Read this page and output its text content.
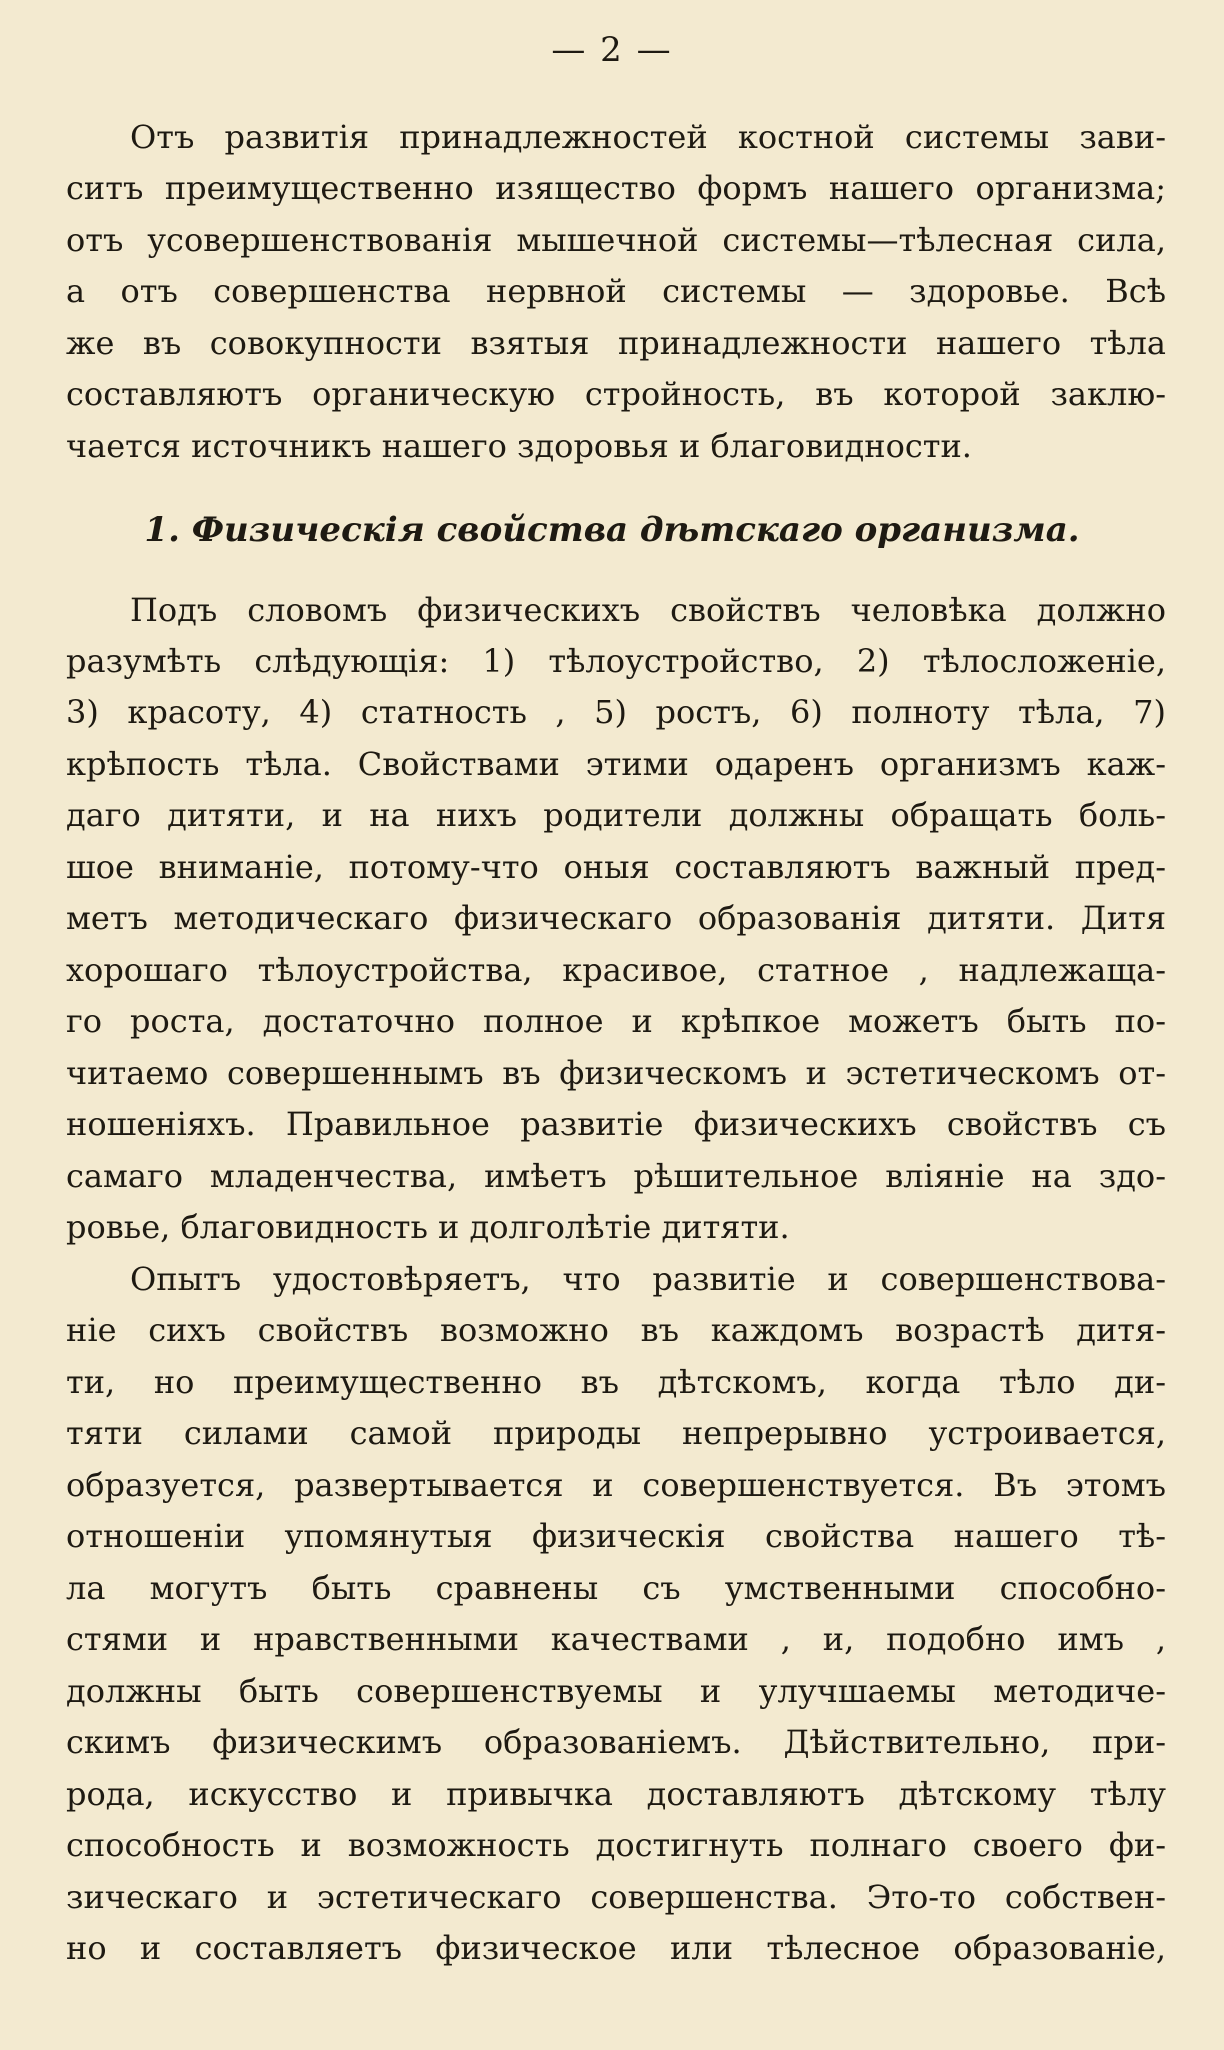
— 2 —
Отъ развитія принадлежностей костной системы зави-
ситъ преимущественно изящество формъ нашего организма;
отъ усовершенствованія мышечной системы—тѣлесная сила,
а отъ совершенства нервной системы — здоровье. Всѣ
же въ совокупности взятыя принадлежности нашего тѣла
составляютъ органическую стройность, въ которой заклю-
чается источникъ нашего здоровья и благовидности.
1. Физическія свойства дѣтскаго организма.
Подъ словомъ физическихъ свойствъ человѣка должно
разумѣть слѣдующія: 1) тѣлоустройство, 2) тѣлосложеніе,
3) красоту, 4) статность , 5) ростъ, 6) полноту тѣла, 7)
крѣпость тѣла. Свойствами этими одаренъ организмъ каж-
даго дитяти, и на нихъ родители должны обращать боль-
шое вниманіе, потому-что оныя составляютъ важный пред-
метъ методическаго физическаго образованія дитяти. Дитя
хорошаго тѣлоустройства, красивое, статное , надлежаща-
го роста, достаточно полное и крѣпкое можетъ быть по-
читаемо совершеннымъ въ физическомъ и эстетическомъ от-
ношеніяхъ. Правильное развитіе физическихъ свойствъ съ
самаго младенчества, имѣетъ рѣшительное вліяніе на здо-
ровье, благовидность и долголѣтіе дитяти.
Опытъ удостовѣряетъ, что развитіе и совершенствова-
ніе сихъ свойствъ возможно въ каждомъ возрастѣ дитя-
ти, но преимущественно въ дѣтскомъ, когда тѣло ди-
тяти силами самой природы непрерывно устроивается,
образуется, развертывается и совершенствуется. Въ этомъ
отношеніи упомянутыя физическія свойства нашего тѣ-
ла могутъ быть сравнены съ умственными способно-
стями и нравственными качествами , и, подобно имъ ,
должны быть совершенствуемы и улучшаемы методиче-
скимъ физическимъ образованіемъ. Дѣйствительно, при-
рода, искусство и привычка доставляютъ дѣтскому тѣлу
способность и возможность достигнуть полнаго своего фи-
зическаго и эстетическаго совершенства. Это-то собствен-
но и составляетъ физическое или тѣлесное образованіе,
